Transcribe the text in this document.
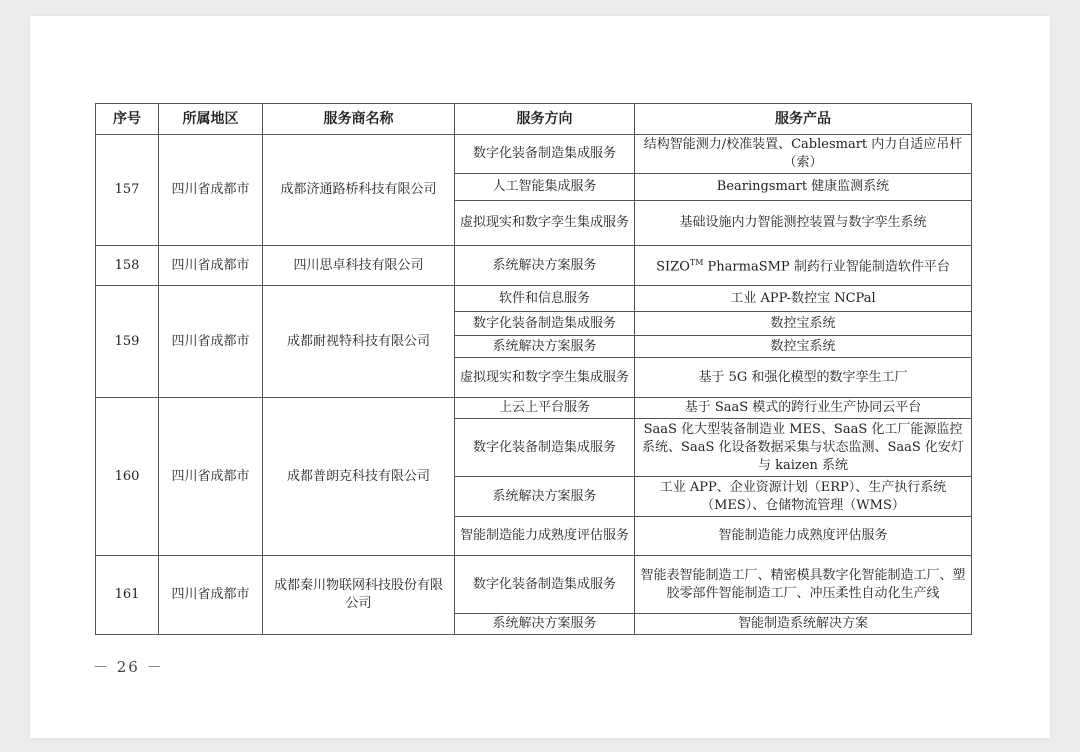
序号	所属地区	服务商名称	服务方向	服务产品
157	四川省成都市	成都济通路桥科技有限公司	数字化装备制造集成服务	结构智能测力/校准装置、Cablesmart 内力自适应吊杆（索）
			人工智能集成服务	Bearingsmart 健康监测系统
			虚拟现实和数字孪生集成服务	基础设施内力智能测控装置与数字孪生系统
158	四川省成都市	四川思卓科技有限公司	系统解决方案服务	SIZO™ PharmaSMP 制药行业智能制造软件平台
159	四川省成都市	成都耐视特科技有限公司	软件和信息服务	工业 APP-数控宝 NCPal
			数字化装备制造集成服务	数控宝系统
			系统解决方案服务	数控宝系统
			虚拟现实和数字孪生集成服务	基于 5G 和强化模型的数字孪生工厂
160	四川省成都市	成都普朗克科技有限公司	上云上平台服务	基于 SaaS 模式的跨行业生产协同云平台
			数字化装备制造集成服务	SaaS 化大型装备制造业 MES、SaaS 化工厂能源监控系统、SaaS 化设备数据采集与状态监测、SaaS 化安灯与 kaizen 系统
			系统解决方案服务	工业 APP、企业资源计划（ERP）、生产执行系统（MES）、仓储物流管理（WMS）
			智能制造能力成熟度评估服务	智能制造能力成熟度评估服务
161	四川省成都市	成都秦川物联网科技股份有限公司	数字化装备制造集成服务	智能表智能制造工厂、精密模具数字化智能制造工厂、塑胶零部件智能制造工厂、冲压柔性自动化生产线
			系统解决方案服务	智能制造系统解决方案
－ 26 －
